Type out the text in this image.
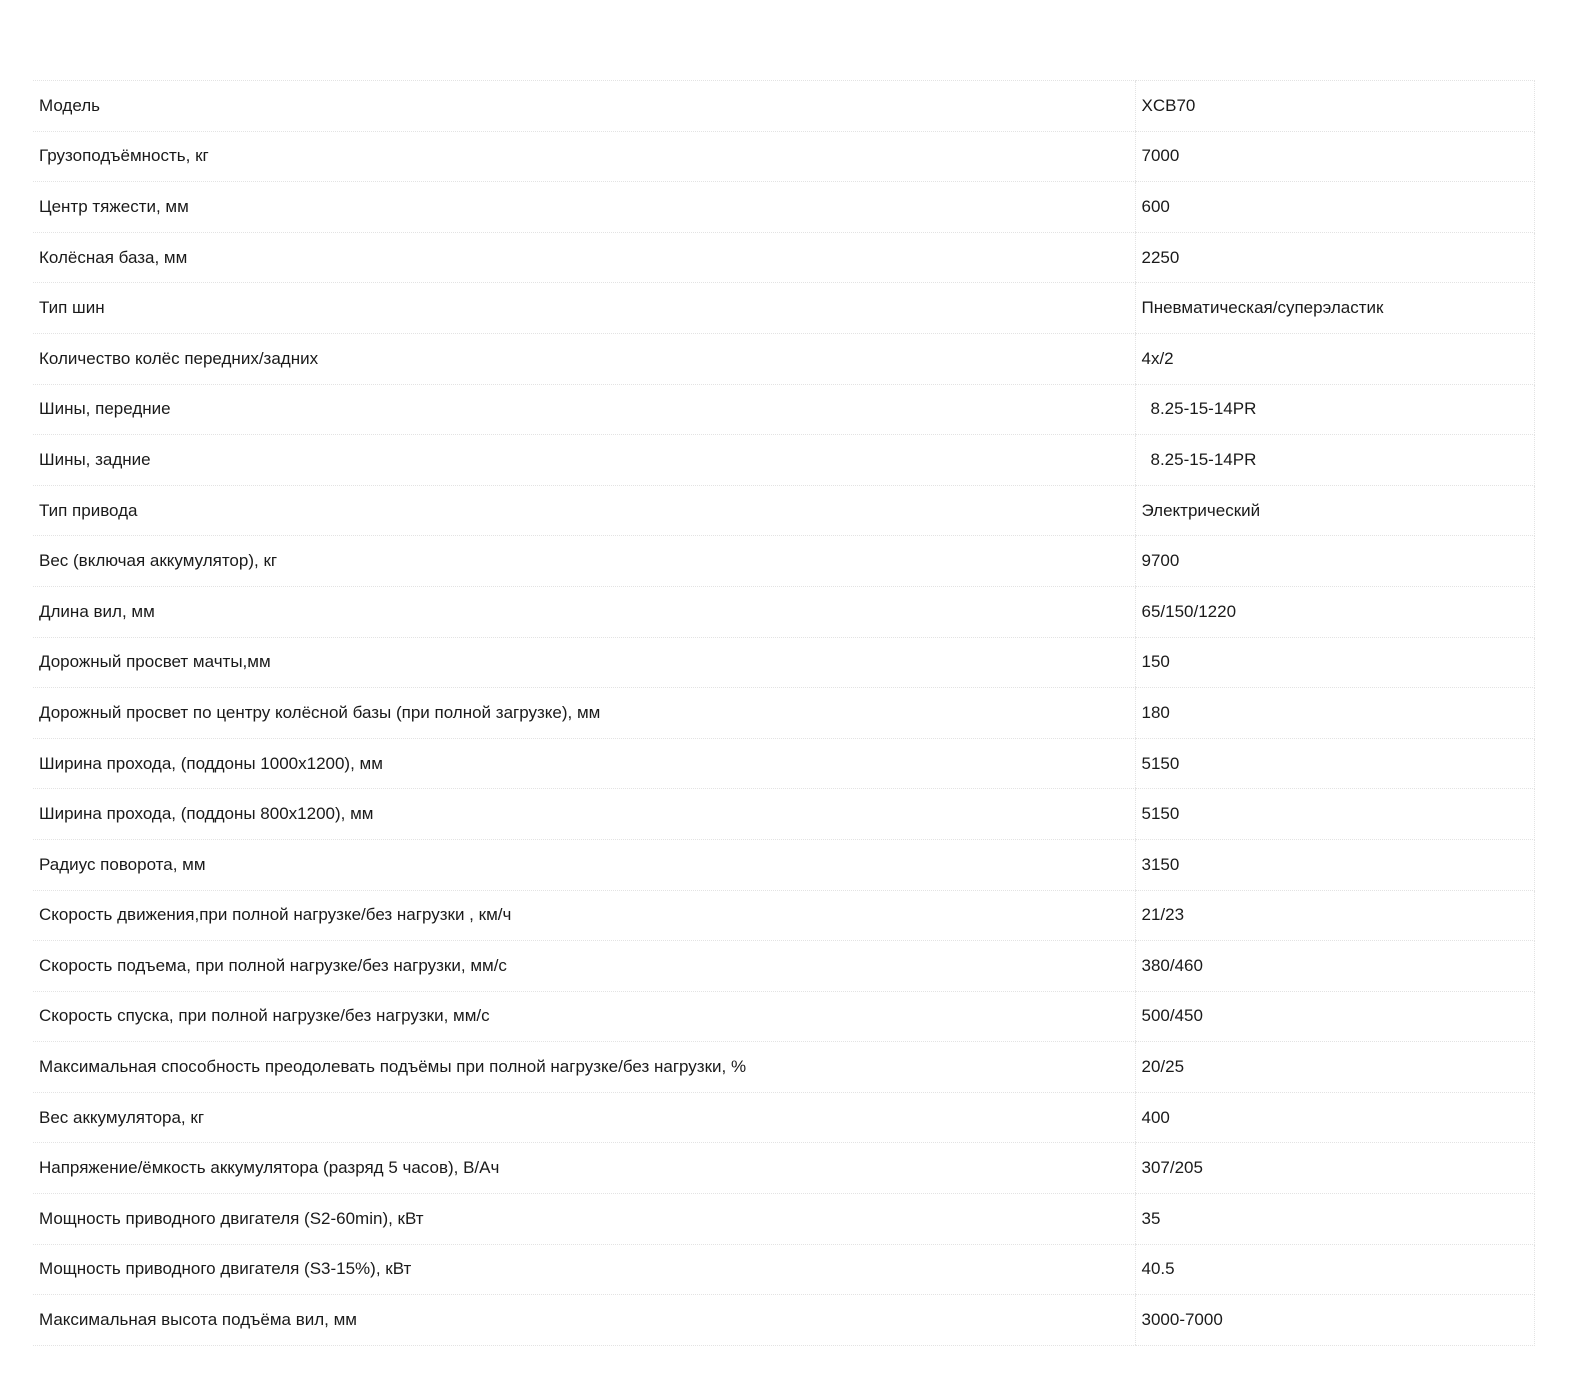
Модель	XCB70
Грузоподъёмность, кг	7000
Центр тяжести, мм	600
Колёсная база, мм	2250
Тип шин	Пневматическая/суперэластик
Количество колёс передних/задних	4x/2
Шины, передние	8.25-15-14PR
Шины, задние	8.25-15-14PR
Тип привода	Электрический
Вес (включая аккумулятор), кг	9700
Длина вил, мм	65/150/1220
Дорожный просвет мачты,мм	150
Дорожный просвет по центру колёсной базы (при полной загрузке), мм	180
Ширина прохода, (поддоны 1000x1200), мм	5150
Ширина прохода, (поддоны 800x1200), мм	5150
Радиус поворота, мм	3150
Скорость движения,при полной нагрузке/без нагрузки , км/ч	21/23
Скорость подъема, при полной нагрузке/без нагрузки, мм/с	380/460
Скорость спуска, при полной нагрузке/без нагрузки, мм/с	500/450
Максимальная способность преодолевать подъёмы при полной нагрузке/без нагрузки, %	20/25
Вес аккумулятора, кг	400
Напряжение/ёмкость аккумулятора (разряд 5 часов), В/Ач	307/205
Мощность приводного двигателя (S2-60min), кВт	35
Мощность приводного двигателя (S3-15%), кВт	40.5
Максимальная высота подъёма вил, мм	3000-7000
